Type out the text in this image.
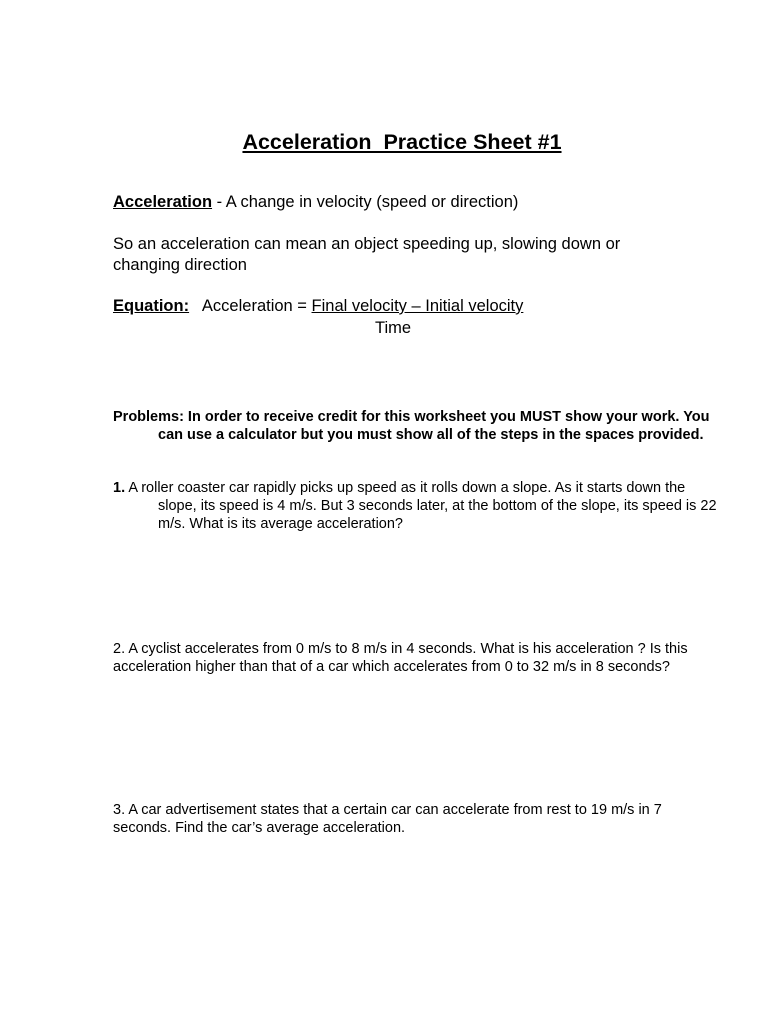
Acceleration  Practice Sheet #1
Acceleration - A change in velocity (speed or direction)
So an acceleration can mean an object speeding up, slowing down or changing direction
Equation:   Acceleration = Final velocity – Initial velocity
Time
Problems: In order to receive credit for this worksheet you MUST show your work. You can use a calculator but you must show all of the steps in the spaces provided.
1. A roller coaster car rapidly picks up speed as it rolls down a slope. As it starts down the slope, its speed is 4 m/s. But 3 seconds later, at the bottom of the slope, its speed is 22 m/s. What is its average acceleration?
2. A cyclist accelerates from 0 m/s to 8 m/s in 4 seconds. What is his acceleration ? Is this
acceleration higher than that of a car which accelerates from 0 to 32 m/s in 8 seconds?
3. A car advertisement states that a certain car can accelerate from rest to 19 m/s in 7 seconds. Find the car’s average acceleration.
